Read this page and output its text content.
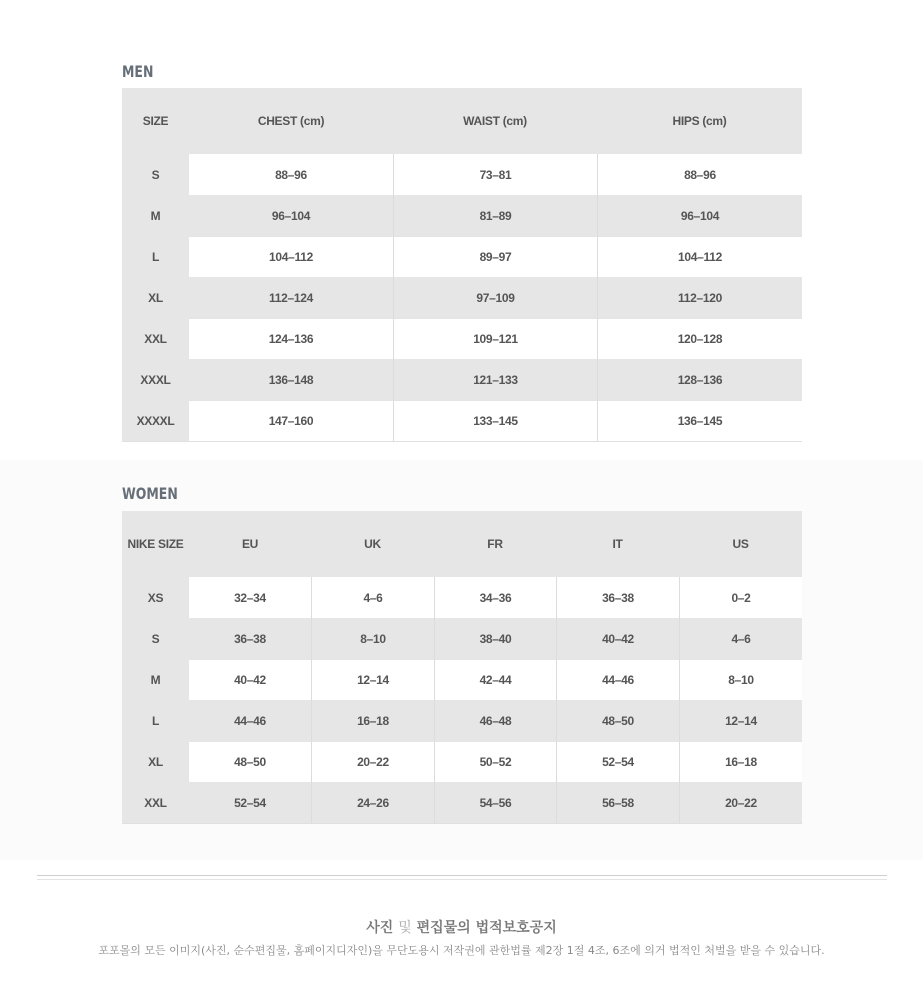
MEN
SIZE	CHEST (cm)	WAIST (cm)	HIPS (cm)
S	88–96	73–81	88–96
M	96–104	81–89	96–104
L	104–112	89–97	104–112
XL	112–124	97–109	112–120
XXL	124–136	109–121	120–128
XXXL	136–148	121–133	128–136
XXXXL	147–160	133–145	136–145
WOMEN
NIKE SIZE	EU	UK	FR	IT	US
XS	32–34	4–6	34–36	36–38	0–2
S	36–38	8–10	38–40	40–42	4–6
M	40–42	12–14	42–44	44–46	8–10
L	44–46	16–18	46–48	48–50	12–14
XL	48–50	20–22	50–52	52–54	16–18
XXL	52–54	24–26	54–56	56–58	20–22
사진 및 편집물의 법적보호공지
포포몰의 모든 이미지(사진, 순수편집물, 홈페이지디자인)을 무단도용시 저작권에 관한법률 제2장 1절 4조, 6조에 의거 법적인 처벌을 받을 수 있습니다.
